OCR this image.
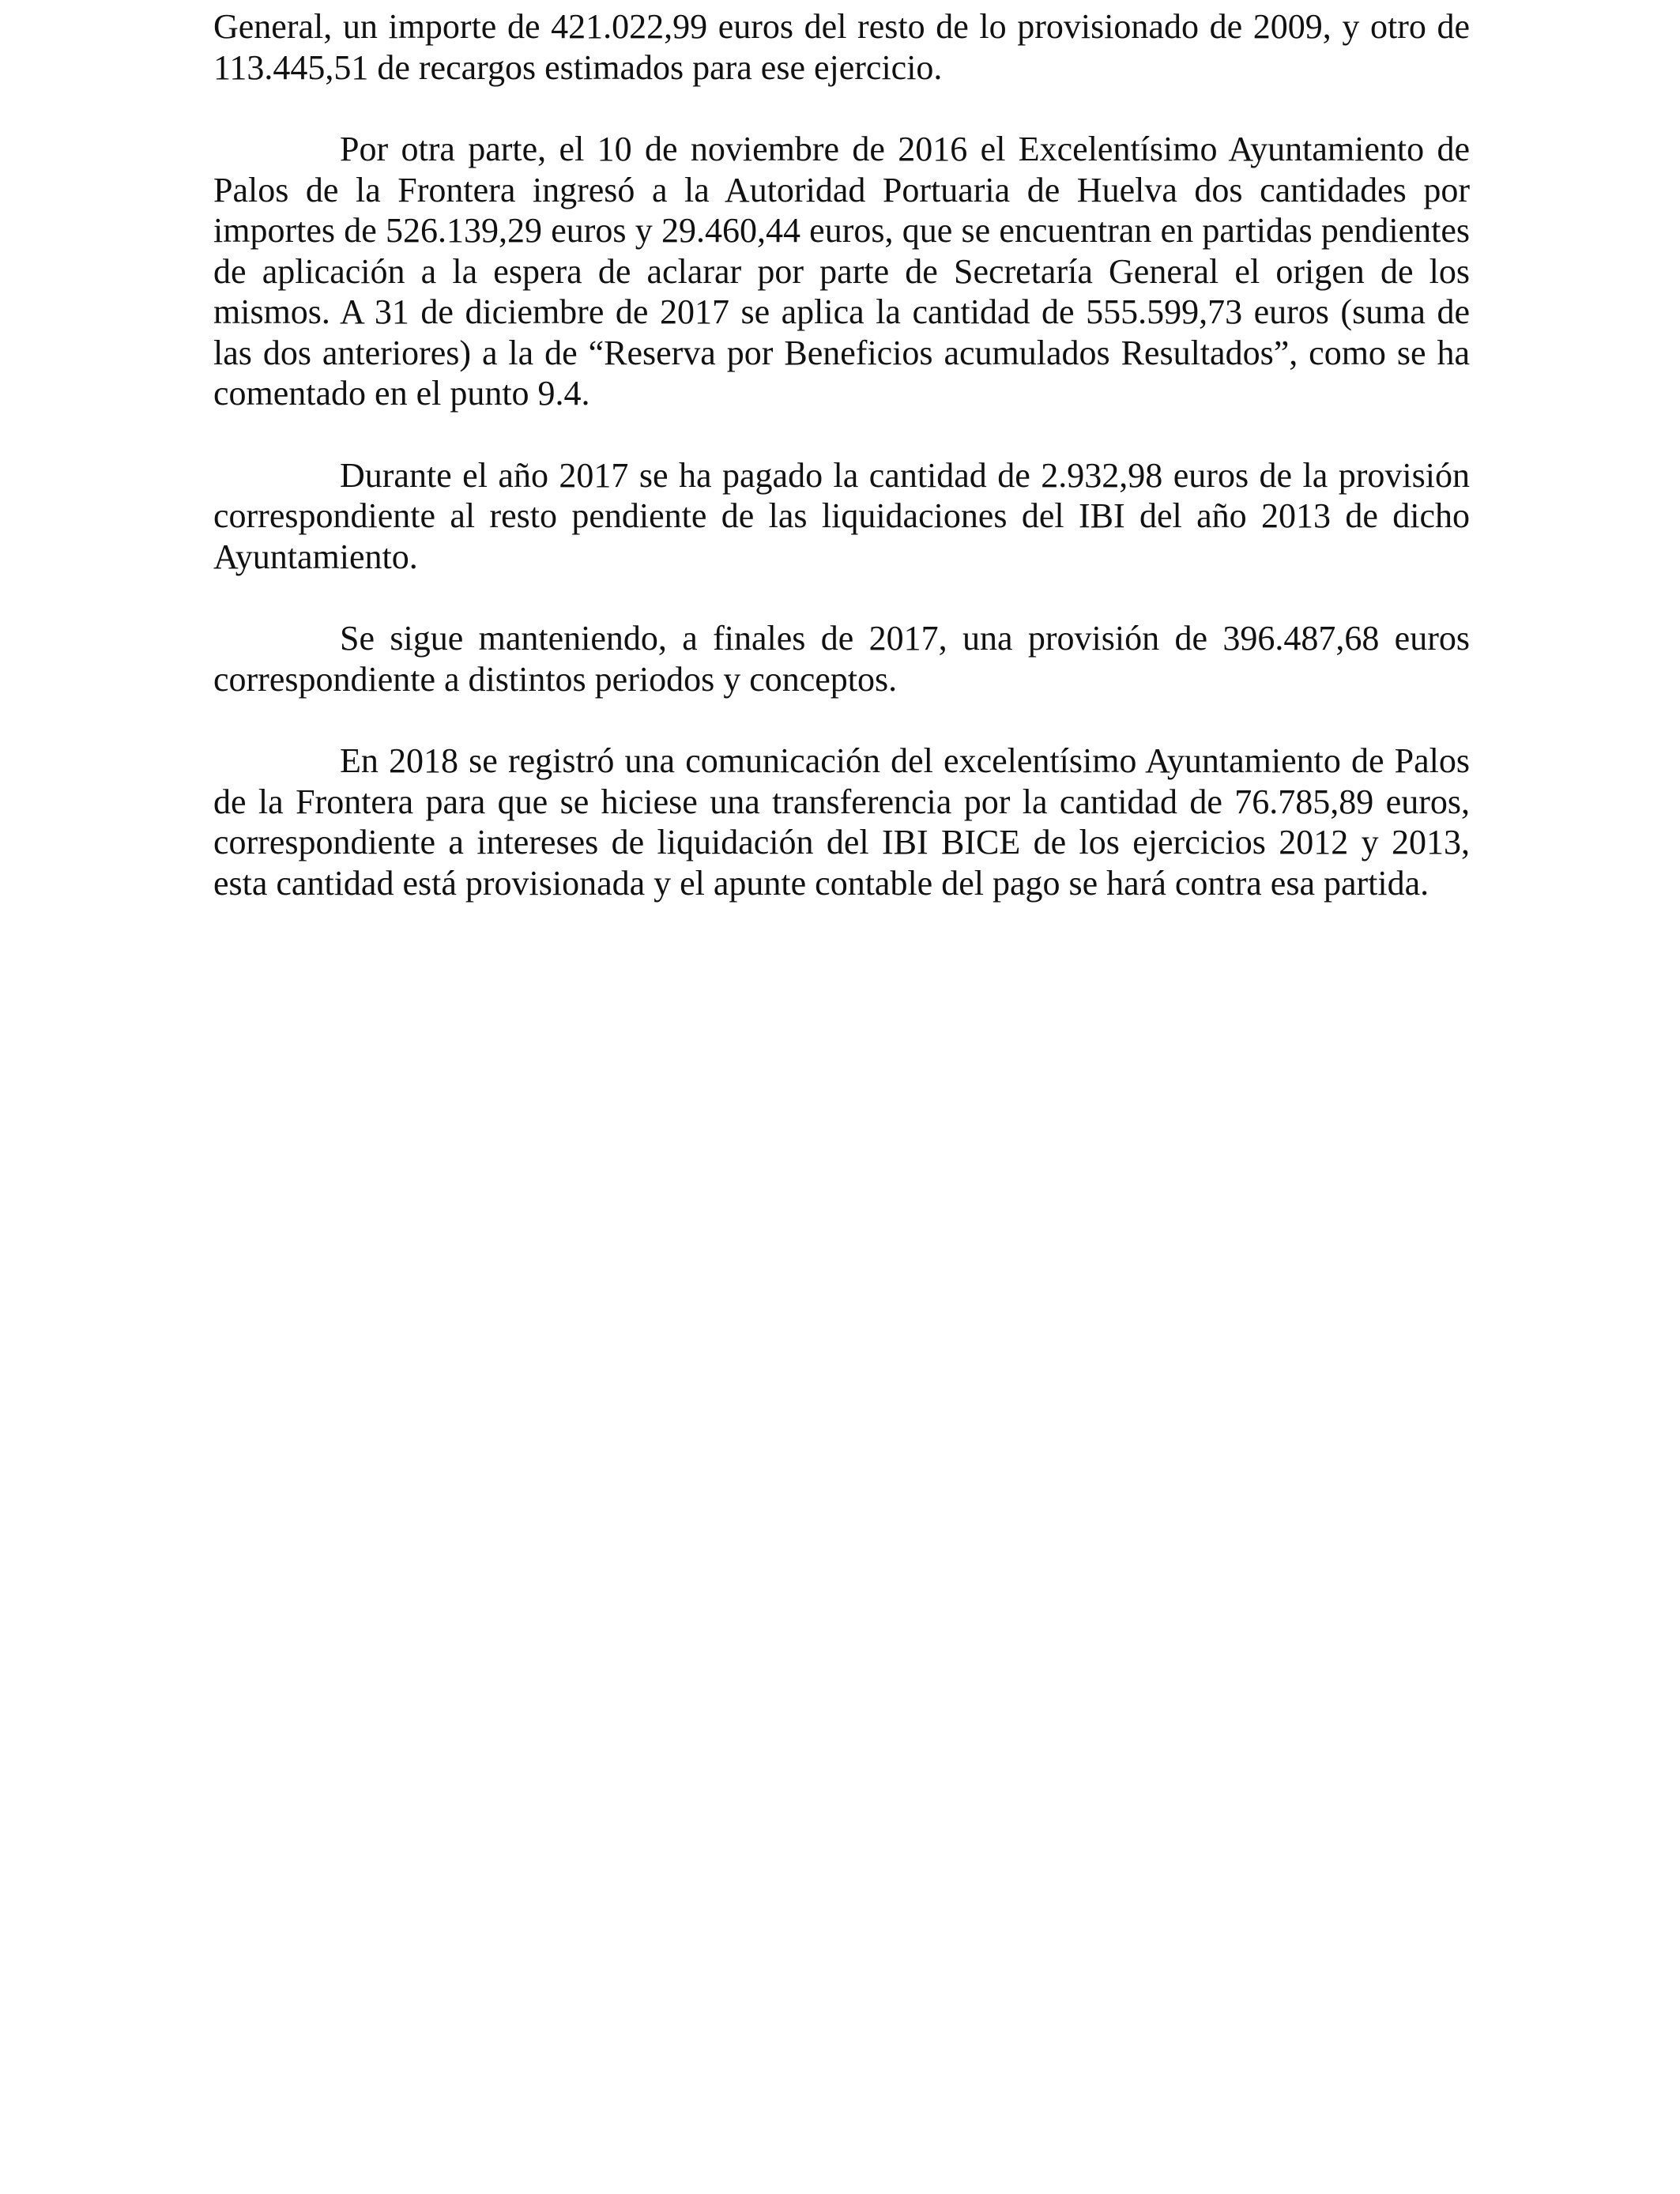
General, un importe de 421.022,99 euros del resto de lo provisionado de 2009, y otro de 113.445,51 de recargos estimados para ese ejercicio.

Por otra parte, el 10 de noviembre de 2016 el Excelentísimo Ayuntamiento de Palos de la Frontera ingresó a la Autoridad Portuaria de Huelva dos cantidades por importes de 526.139,29 euros y 29.460,44 euros, que se encuentran en partidas pendientes de aplicación a la espera de aclarar por parte de Secretaría General el origen de los mismos. A 31 de diciembre de 2017 se aplica la cantidad de 555.599,73 euros (suma de las dos anteriores) a la de “Reserva por Beneficios acumulados Resultados”, como se ha comentado en el punto 9.4.

Durante el año 2017 se ha pagado la cantidad de 2.932,98 euros de la provisión correspondiente al resto pendiente de las liquidaciones del IBI del año 2013 de dicho Ayuntamiento.

Se sigue manteniendo, a finales de 2017, una provisión de 396.487,68 euros correspondiente a distintos periodos y conceptos.

En 2018 se registró una comunicación del excelentísimo Ayuntamiento de Palos de la Frontera para que se hiciese una transferencia por la cantidad de 76.785,89 euros, correspondiente a intereses de liquidación del IBI BICE de los ejercicios 2012 y 2013, esta cantidad está provisionada y el apunte contable del pago se hará contra esa partida.
